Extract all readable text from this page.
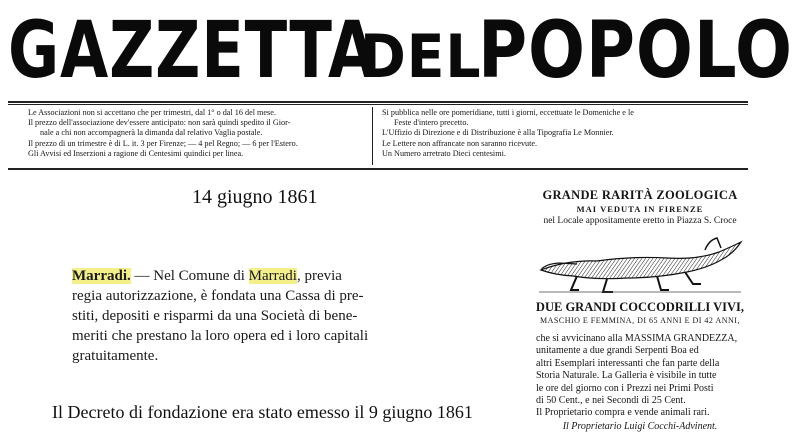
GAZZETTA
DEL
POPOLO

Le Associazioni non si accettano che per trimestri, dal 1° o dal 16 del mese.

Il prezzo dell'associazione dev'essere anticipato: non sarà quindi spedito il Gior-

nale a chi non accompagnerà la dimanda dal relativo Vaglia postale.

Il prezzo di un trimestre è di L. it. 3 per Firenze; — 4 pel Regno; — 6 per l'Estero.

Gli Avvisi ed Inserzioni a ragione di Centesimi quindici per linea.

Si pubblica nelle ore pomeridiane, tutti i giorni, eccettuate le Domeniche e le

Feste d'intero precetto.

L'Uffizio di Direzione e di Distribuzione è alla Tipografia Le Monnier.

Le Lettere non affrancate non saranno ricevute.

Un Numero arretrato Dieci centesimi.

14 giugno 1861

Marradi. — Nel Comune di Marradi, previa

regia autorizzazione, è fondata una Cassa di pre-

stiti, depositi e risparmi da una Società di bene-

meriti che prestano la loro opera ed i loro capitali

gratuitamente.

Il Decreto di fondazione era stato emesso il 9 giugno 1861
GRANDE RARITÀ ZOOLOGICA
MAI VEDUTA IN FIRENZE
nel Locale appositamente eretto in Piazza S. Croce
DUE GRANDI COCCODRILLI VIVI,
MASCHIO E FEMMINA, DI 65 ANNI E DI 42 ANNI,

che si avvicinano alla MASSIMA GRANDEZZA,

unitamente a due grandi Serpenti Boa ed

altri Esemplari interessanti che fan parte della

Storia Naturale. La Galleria è visibile in tutte

le ore del giorno con i Prezzi nei Primi Posti

di 50 Cent., e nei Secondi di 25 Cent.

Il Proprietario compra e vende animali rari.

Il Proprietario Luigi Cocchi-Advinent.
